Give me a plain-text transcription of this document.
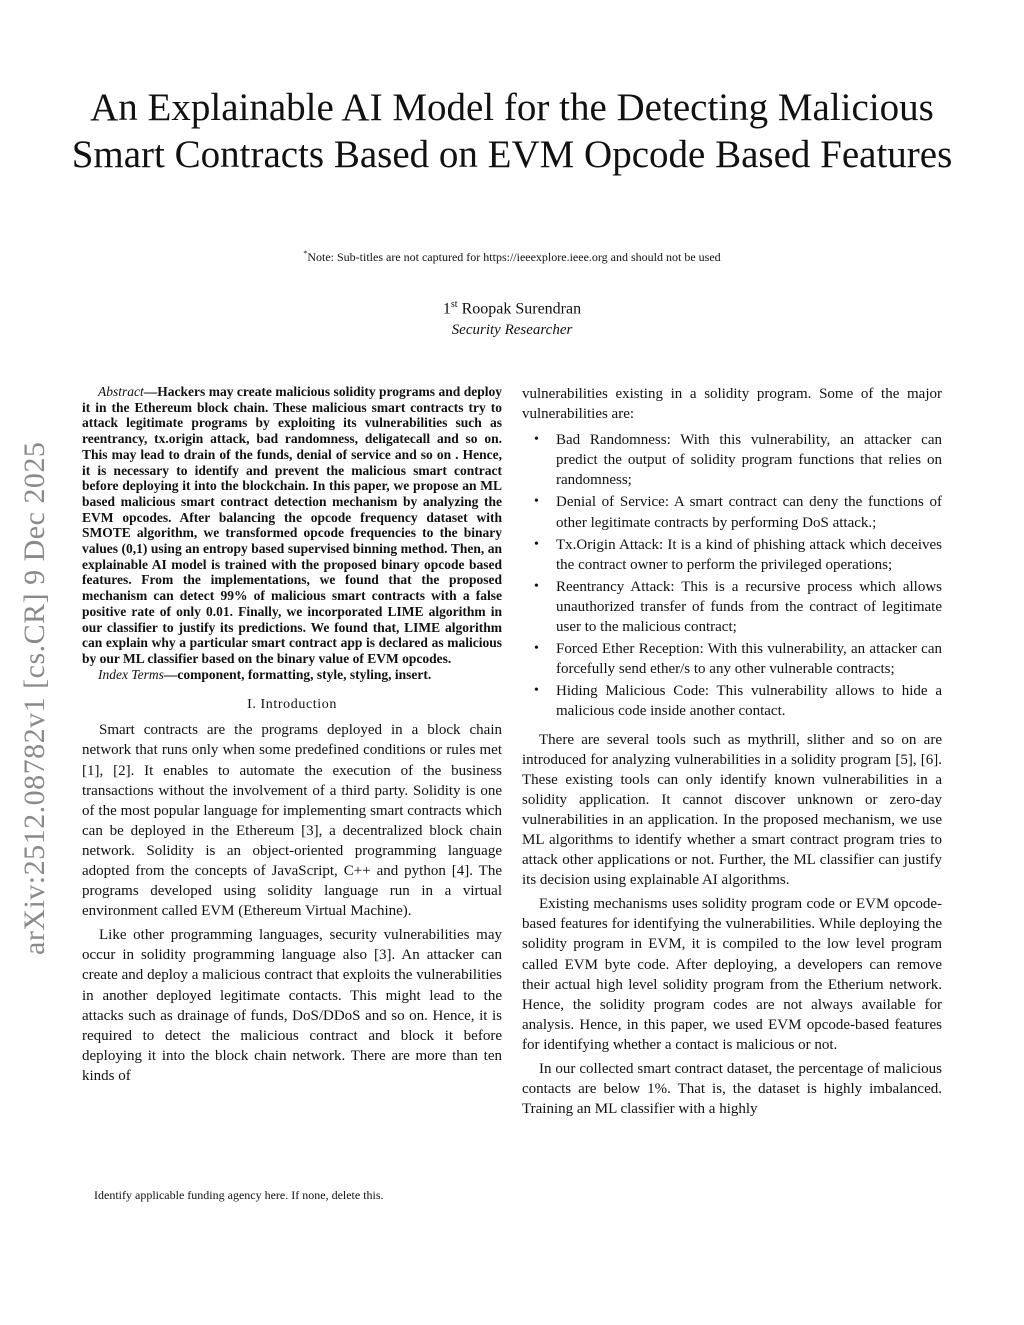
arXiv:2512.08782v1 [cs.CR] 9 Dec 2025
An Explainable AI Model for the Detecting Malicious Smart Contracts Based on EVM Opcode Based Features
*Note: Sub-titles are not captured for https://ieeexplore.ieee.org and should not be used
1st Roopak Surendran
Security Researcher

Abstract—Hackers may create malicious solidity programs and deploy it in the Ethereum block chain. These malicious smart contracts try to attack legitimate programs by exploiting its vulnerabilities such as reentrancy, tx.origin attack, bad randomness, deligatecall and so on. This may lead to drain of the funds, denial of service and so on . Hence, it is necessary to identify and prevent the malicious smart contract before deploying it into the blockchain. In this paper, we propose an ML based malicious smart contract detection mechanism by analyzing the EVM opcodes. After balancing the opcode frequency dataset with SMOTE algorithm, we transformed opcode frequencies to the binary values (0,1) using an entropy based supervised binning method. Then, an explainable AI model is trained with the proposed binary opcode based features. From the implementations, we found that the proposed mechanism can detect 99% of malicious smart contracts with a false positive rate of only 0.01. Finally, we incorporated LIME algorithm in our classifier to justify its predictions. We found that, LIME algorithm can explain why a particular smart contract app is declared as malicious by our ML classifier based on the binary value of EVM opcodes.

Index Terms—component, formatting, style, styling, insert.

I. Introduction

Smart contracts are the programs deployed in a block chain network that runs only when some predefined conditions or rules met [1], [2]. It enables to automate the execution of the business transactions without the involvement of a third party. Solidity is one of the most popular language for implementing smart contracts which can be deployed in the Ethereum [3], a decentralized block chain network. Solidity is an object-oriented programming language adopted from the concepts of JavaScript, C++ and python [4]. The programs developed using solidity language run in a virtual environment called EVM (Ethereum Virtual Machine).

Like other programming languages, security vulnerabilities may occur in solidity programming language also [3]. An attacker can create and deploy a malicious contract that exploits the vulnerabilities in another deployed legitimate contacts. This might lead to the attacks such as drainage of funds, DoS/DDoS and so on. Hence, it is required to detect the malicious contract and block it before deploying it into the block chain network. There are more than ten kinds of

Identify applicable funding agency here. If none, delete this.

vulnerabilities existing in a solidity program. Some of the major vulnerabilities are:

• Bad Randomness: With this vulnerability, an attacker can predict the output of solidity program functions that relies on randomness;
• Denial of Service: A smart contract can deny the functions of other legitimate contracts by performing DoS attack.;
• Tx.Origin Attack: It is a kind of phishing attack which deceives the contract owner to perform the privileged operations;
• Reentrancy Attack: This is a recursive process which allows unauthorized transfer of funds from the contract of legitimate user to the malicious contract;
• Forced Ether Reception: With this vulnerability, an attacker can forcefully send ether/s to any other vulnerable contracts;
• Hiding Malicious Code: This vulnerability allows to hide a malicious code inside another contact.

There are several tools such as mythrill, slither and so on are introduced for analyzing vulnerabilities in a solidity program [5], [6]. These existing tools can only identify known vulnerabilities in a solidity application. It cannot discover unknown or zero-day vulnerabilities in an application. In the proposed mechanism, we use ML algorithms to identify whether a smart contract program tries to attack other applications or not. Further, the ML classifier can justify its decision using explainable AI algorithms.

Existing mechanisms uses solidity program code or EVM opcode-based features for identifying the vulnerabilities. While deploying the solidity program in EVM, it is compiled to the low level program called EVM byte code. After deploying, a developers can remove their actual high level solidity program from the Etherium network. Hence, the solidity program codes are not always available for analysis. Hence, in this paper, we used EVM opcode-based features for identifying whether a contact is malicious or not.

In our collected smart contract dataset, the percentage of malicious contacts are below 1%. That is, the dataset is highly imbalanced. Training an ML classifier with a highly
